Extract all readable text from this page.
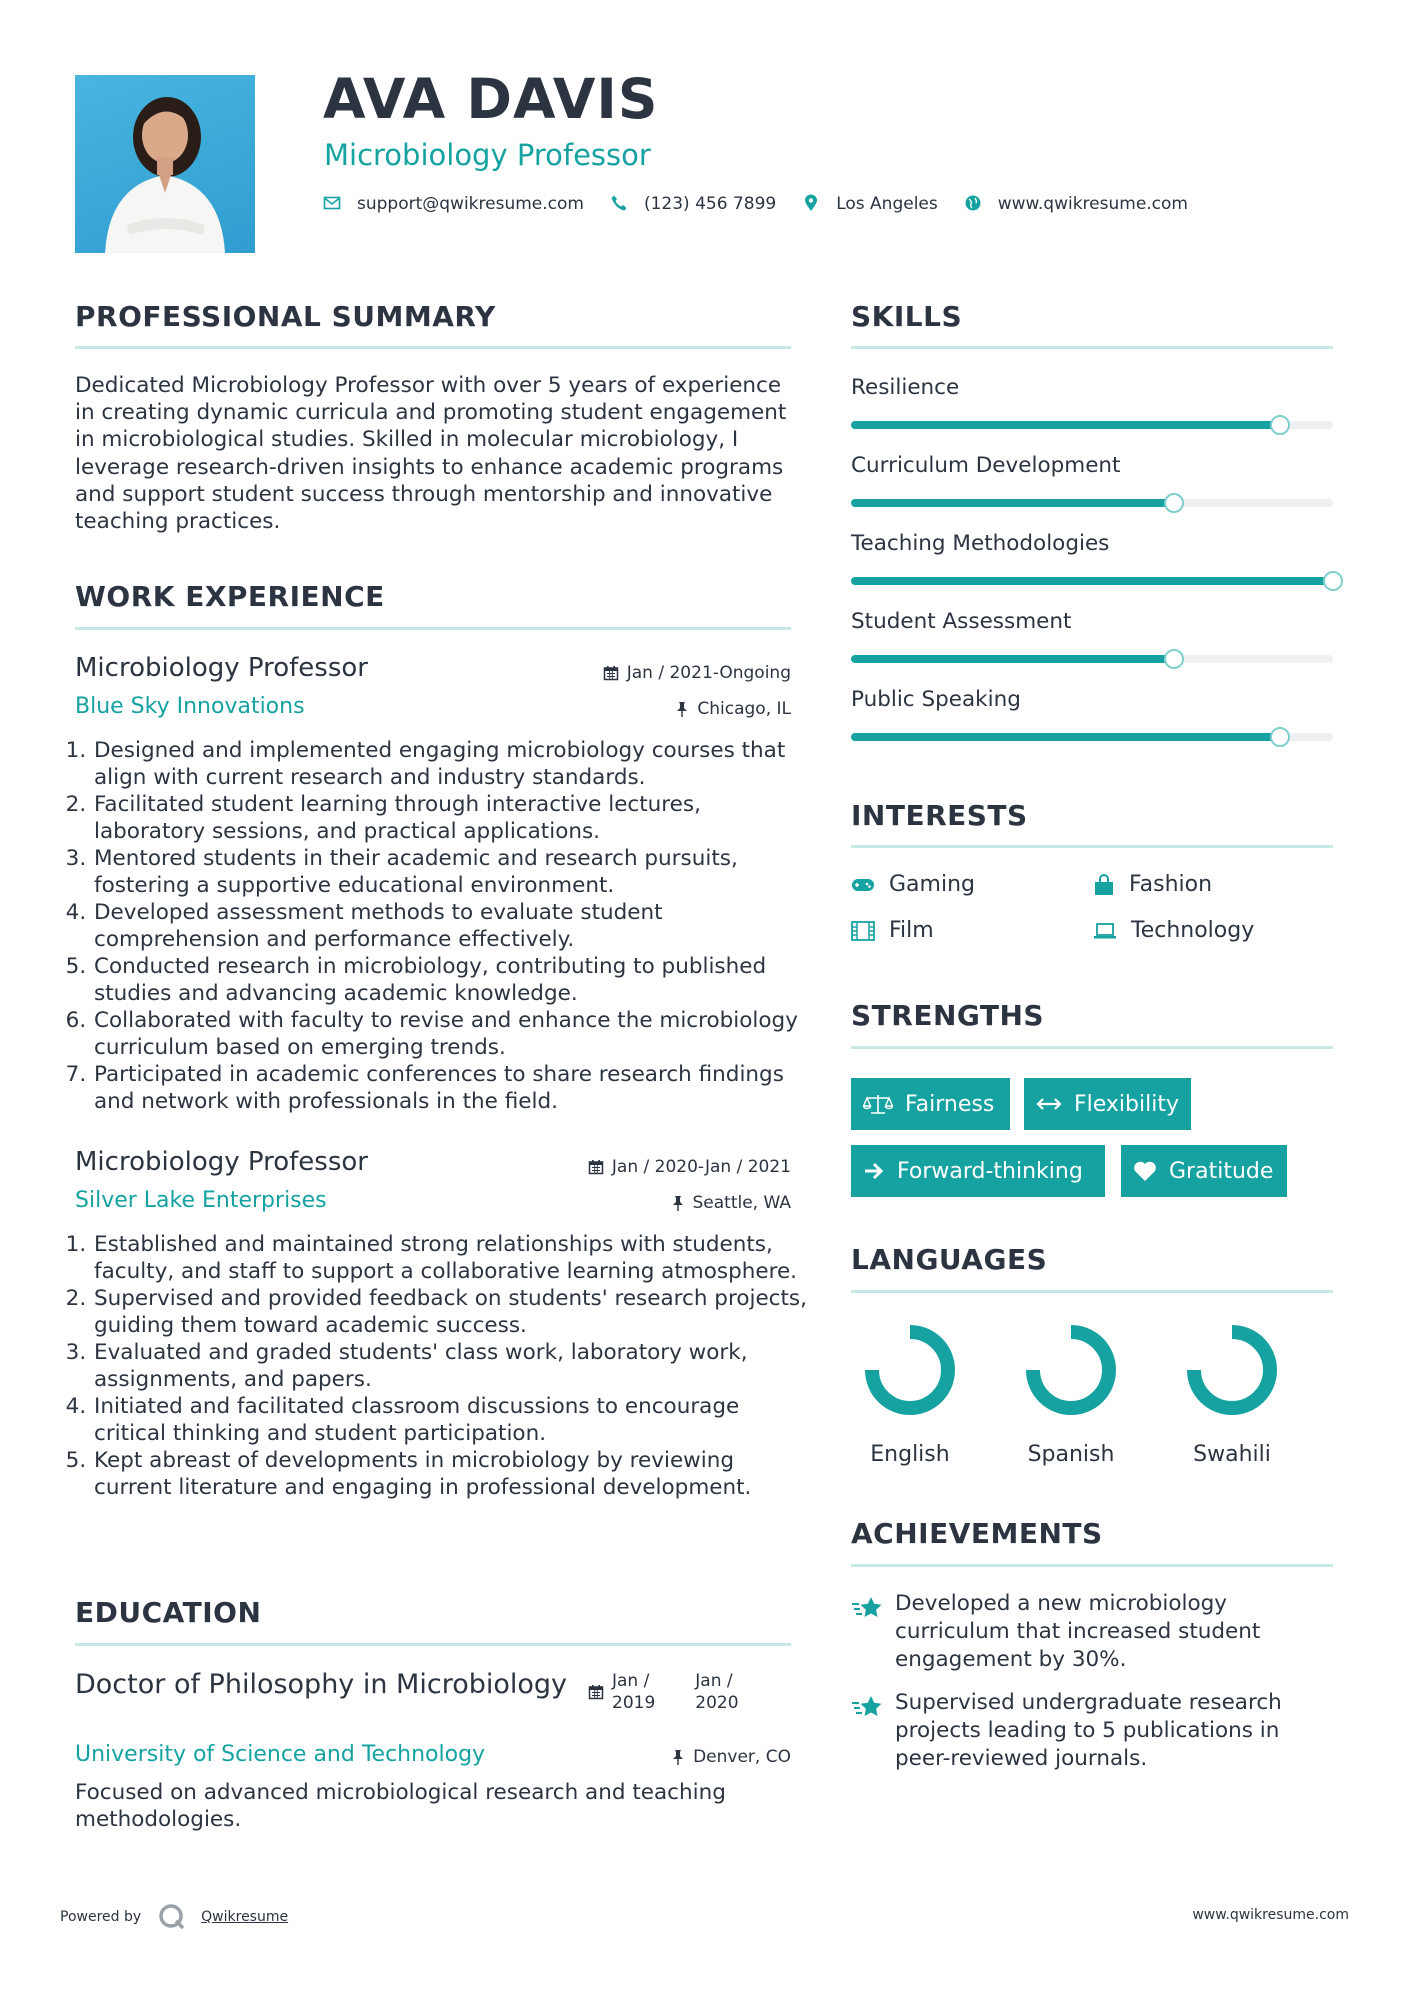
AVA DAVIS
Microbiology Professor
support@qwikresume.com	(123) 456 7899	Los Angeles	www.qwikresume.com
PROFESSIONAL SUMMARY
Dedicated Microbiology Professor with over 5 years of experience in creating dynamic curricula and promoting student engagement in microbiological studies. Skilled in molecular microbiology, I leverage research-driven insights to enhance academic programs and support student success through mentorship and innovative teaching practices.
WORK EXPERIENCE
Microbiology Professor	Jan / 2021-Ongoing
Blue Sky Innovations	Chicago, IL
1. Designed and implemented engaging microbiology courses that align with current research and industry standards.
2. Facilitated student learning through interactive lectures, laboratory sessions, and practical applications.
3. Mentored students in their academic and research pursuits, fostering a supportive educational environment.
4. Developed assessment methods to evaluate student comprehension and performance effectively.
5. Conducted research in microbiology, contributing to published studies and advancing academic knowledge.
6. Collaborated with faculty to revise and enhance the microbiology curriculum based on emerging trends.
7. Participated in academic conferences to share research findings and network with professionals in the field.
Microbiology Professor	Jan / 2020-Jan / 2021
Silver Lake Enterprises	Seattle, WA
1. Established and maintained strong relationships with students, faculty, and staff to support a collaborative learning atmosphere.
2. Supervised and provided feedback on students' research projects, guiding them toward academic success.
3. Evaluated and graded students' class work, laboratory work, assignments, and papers.
4. Initiated and facilitated classroom discussions to encourage critical thinking and student participation.
5. Kept abreast of developments in microbiology by reviewing current literature and engaging in professional development.
EDUCATION
Doctor of Philosophy in Microbiology	Jan /
2019
Jan /
2020
University of Science and Technology	Denver, CO
Focused on advanced microbiological research and teaching methodologies.
SKILLS
Resilience
Curriculum Development
Teaching Methodologies
Student Assessment
Public Speaking
INTERESTS
Gaming	Fashion
Film	Technology
STRENGTHS
Fairness	Flexibility
Forward-thinking	Gratitude
LANGUAGES
English	Spanish	Swahili
ACHIEVEMENTS
Developed a new microbiology curriculum that increased student engagement by 30%.
Supervised undergraduate research projects leading to 5 publications in peer-reviewed journals.
Powered by	Qwikresume	www.qwikresume.com
